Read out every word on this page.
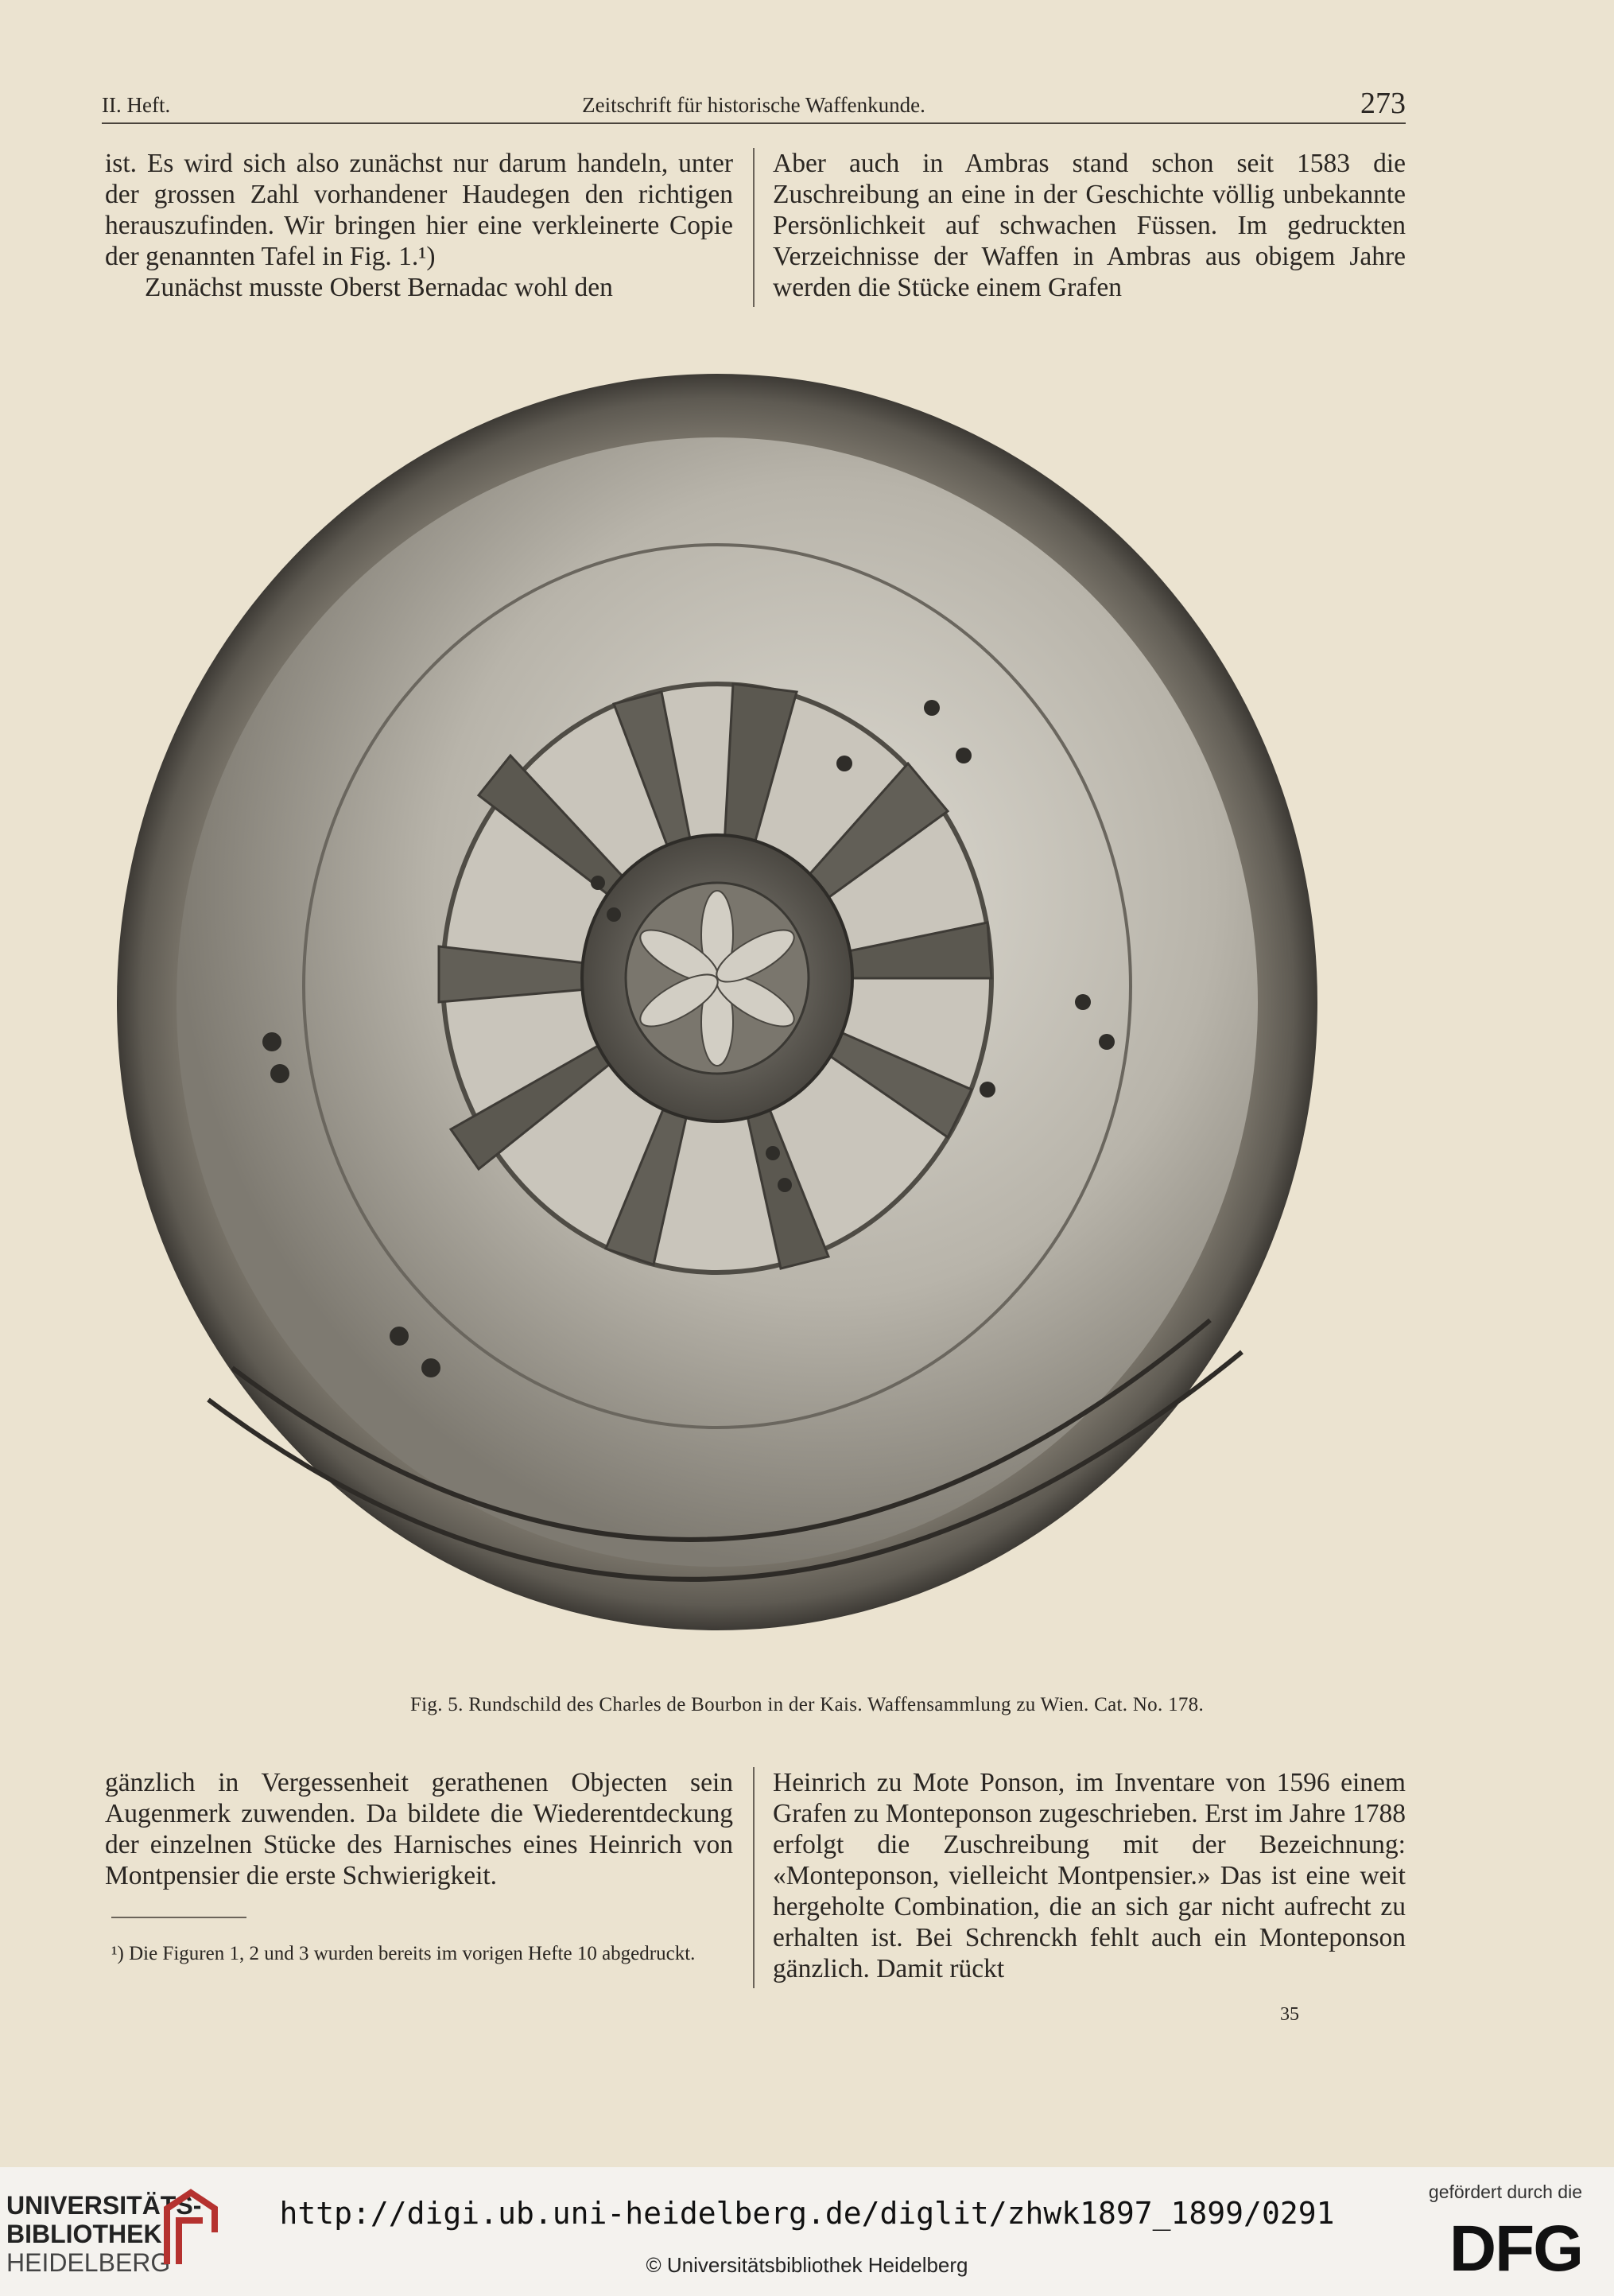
II. Heft.	Zeitschrift für historische Waffenkunde.	273

ist. Es wird sich also zunächst nur darum handeln, unter der grossen Zahl vorhandener Haudegen den richtigen herauszufinden. Wir bringen hier eine verkleinerte Copie der genannten Tafel in Fig. 1.¹)

Zunächst musste Oberst Bernadac wohl den

Aber auch in Ambras stand schon seit 1583 die Zuschreibung an eine in der Geschichte völlig unbekannte Persönlichkeit auf schwachen Füssen. Im gedruckten Verzeichnisse der Waffen in Ambras aus obigem Jahre werden die Stücke einem Grafen

Fig. 5. Rundschild des Charles de Bourbon in der Kais. Waffensammlung zu Wien. Cat. No. 178.

gänzlich in Vergessenheit gerathenen Objecten sein Augenmerk zuwenden. Da bildete die Wiederentdeckung der einzelnen Stücke des Harnisches eines Heinrich von Montpensier die erste Schwierigkeit.

Heinrich zu Mote Ponson, im Inventare von 1596 einem Grafen zu Monteponson zugeschrieben. Erst im Jahre 1788 erfolgt die Zuschreibung mit der Bezeichnung: «Monteponson, vielleicht Montpensier.» Das ist eine weit hergeholte Combination, die an sich gar nicht aufrecht zu erhalten ist. Bei Schrenckh fehlt auch ein Monteponson gänzlich. Damit rückt

¹) Die Figuren 1, 2 und 3 wurden bereits im vorigen Hefte 10 abgedruckt.
35
UNIVERSITÄTS-
BIBLIOTHEK
HEIDELBERG
http://digi.ub.uni-heidelberg.de/diglit/zhwk1897_1899/0291
© Universitätsbibliothek Heidelberg
gefördert durch die
DFG
